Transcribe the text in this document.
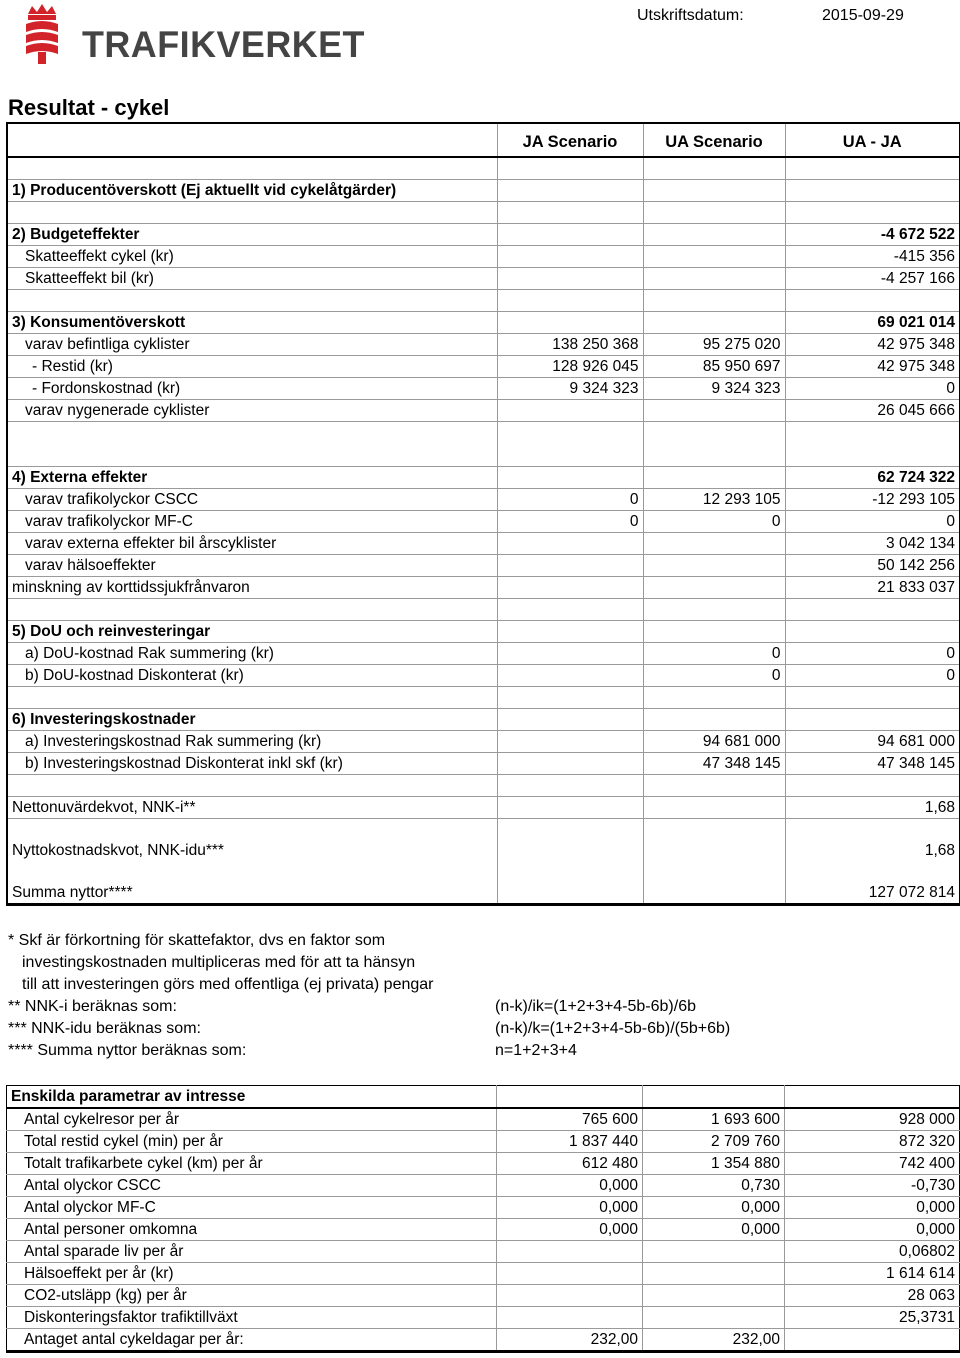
TRAFIKVERKET
Utskriftsdatum:	2015-09-29
Resultat - cykel
	JA Scenario	UA Scenario	UA - JA

1) Producentöverskott (Ej aktuellt vid cykelåtgärder)			

2) Budgeteffekter			-4 672 522
Skatteeffekt cykel (kr)			-415 356
Skatteeffekt bil (kr)			-4 257 166

3) Konsumentöverskott			69 021 014
varav befintliga cyklister	138 250 368	95 275 020	42 975 348
- Restid (kr)	128 926 045	85 950 697	42 975 348
- Fordonskostnad (kr)	9 324 323	9 324 323	0
varav nygenerade cyklister			26 045 666

4) Externa effekter			62 724 322
varav trafikolyckor CSCC	0	12 293 105	-12 293 105
varav trafikolyckor MF-C	0	0	0
varav externa effekter bil årscyklister			3 042 134
varav hälsoeffekter			50 142 256
minskning av korttidssjukfrånvaron			21 833 037

5) DoU och reinvesteringar			
a) DoU-kostnad Rak summering (kr)		0	0
b) DoU-kostnad Diskonterat (kr)		0	0

6) Investeringskostnader			
a) Investeringskostnad Rak summering (kr)		94 681 000	94 681 000
b) Investeringskostnad Diskonterat inkl skf (kr)		47 348 145	47 348 145

Nettonuvärdekvot, NNK-i**			1,68

Nyttokostnadskvot, NNK-idu***			1,68

Summa nyttor****			127 072 814
* Skf är förkortning för skattefaktor, dvs en faktor som
investingskostnaden multipliceras med för att ta hänsyn
till att investeringen görs med offentliga (ej privata) pengar
** NNK-i beräknas som:	(n-k)/ik=(1+2+3+4-5b-6b)/6b
*** NNK-idu beräknas som:	(n-k)/k=(1+2+3+4-5b-6b)/(5b+6b)
**** Summa nyttor beräknas som:	n=1+2+3+4
Enskilda parametrar av intresse			
Antal cykelresor per år	765 600	1 693 600	928 000
Total restid cykel (min) per år	1 837 440	2 709 760	872 320
Totalt trafikarbete cykel (km) per år	612 480	1 354 880	742 400
Antal olyckor CSCC	0,000	0,730	-0,730
Antal olyckor MF-C	0,000	0,000	0,000
Antal personer omkomna	0,000	0,000	0,000
Antal sparade liv per år			0,06802
Hälsoeffekt per år (kr)			1 614 614
CO2-utsläpp (kg) per år			28 063
Diskonteringsfaktor trafiktillväxt			25,3731
Antaget antal cykeldagar per år:	232,00	232,00	
